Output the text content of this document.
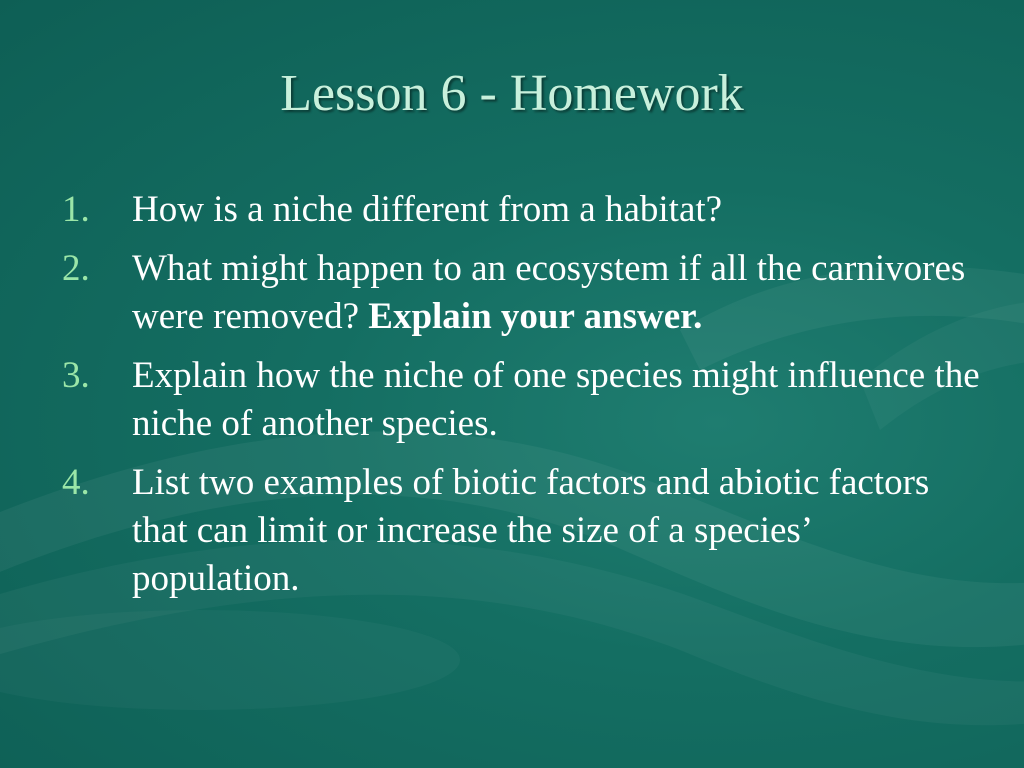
Lesson 6 - Homework
1. How is a niche different from a habitat?
2. What might happen to an ecosystem if all the carnivores were removed? Explain your answer.
3. Explain how the niche of one species might influence the niche of another species.
4. List two examples of biotic factors and abiotic factors that can limit or increase the size of a species’ population.
